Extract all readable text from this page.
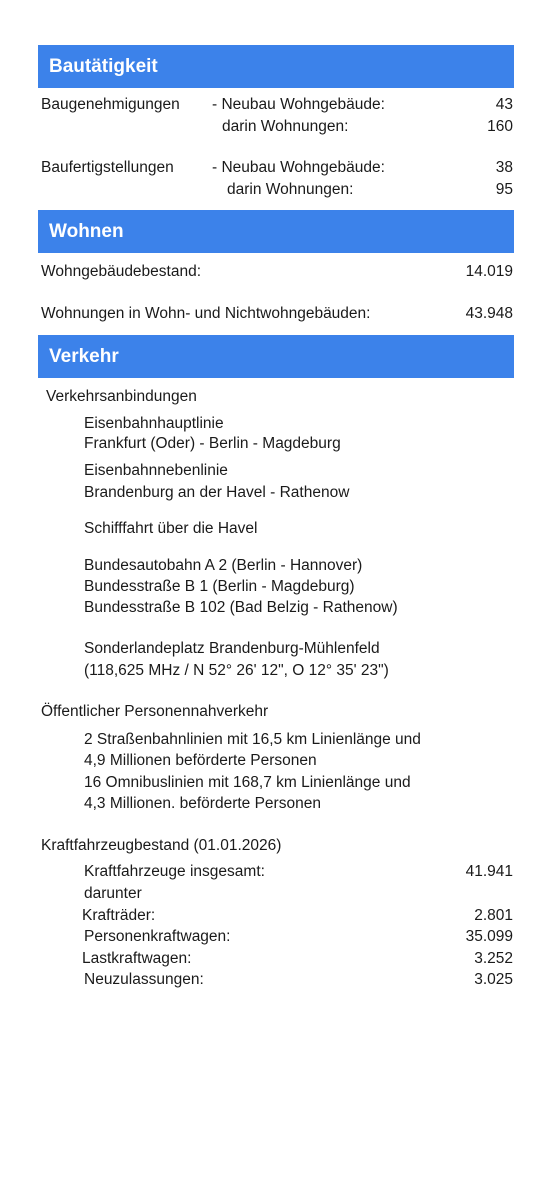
Bautätigkeit
Baugenehmigungen - Neubau Wohngebäude:	43
darin Wohnungen:	160
Baufertigstellungen - Neubau Wohngebäude:	38
darin Wohnungen:	95
Wohnen
Wohngebäudebestand:	14.019
Wohnungen in Wohn- und Nichtwohngebäuden:	43.948
Verkehr
Verkehrsanbindungen
Eisenbahnhauptlinie
Frankfurt (Oder) - Berlin - Magdeburg
Eisenbahnnebenlinie
Brandenburg an der Havel - Rathenow
Schifffahrt über die Havel
Bundesautobahn A 2 (Berlin - Hannover)
Bundesstraße B 1 (Berlin - Magdeburg)
Bundesstraße B 102 (Bad Belzig - Rathenow)
Sonderlandeplatz Brandenburg-Mühlenfeld
(118,625 MHz / N 52° 26' 12", O 12° 35' 23")
Öffentlicher Personennahverkehr
2 Straßenbahnlinien mit 16,5 km Linienlänge und
4,9 Millionen beförderte Personen
16 Omnibuslinien mit 168,7 km Linienlänge und
4,3 Millionen. beförderte Personen
Kraftfahrzeugbestand (01.01.2026)
Kraftfahrzeuge insgesamt:	41.941
darunter
Krafträder:	2.801
Personenkraftwagen:	35.099
Lastkraftwagen:	3.252
Neuzulassungen:	3.025
